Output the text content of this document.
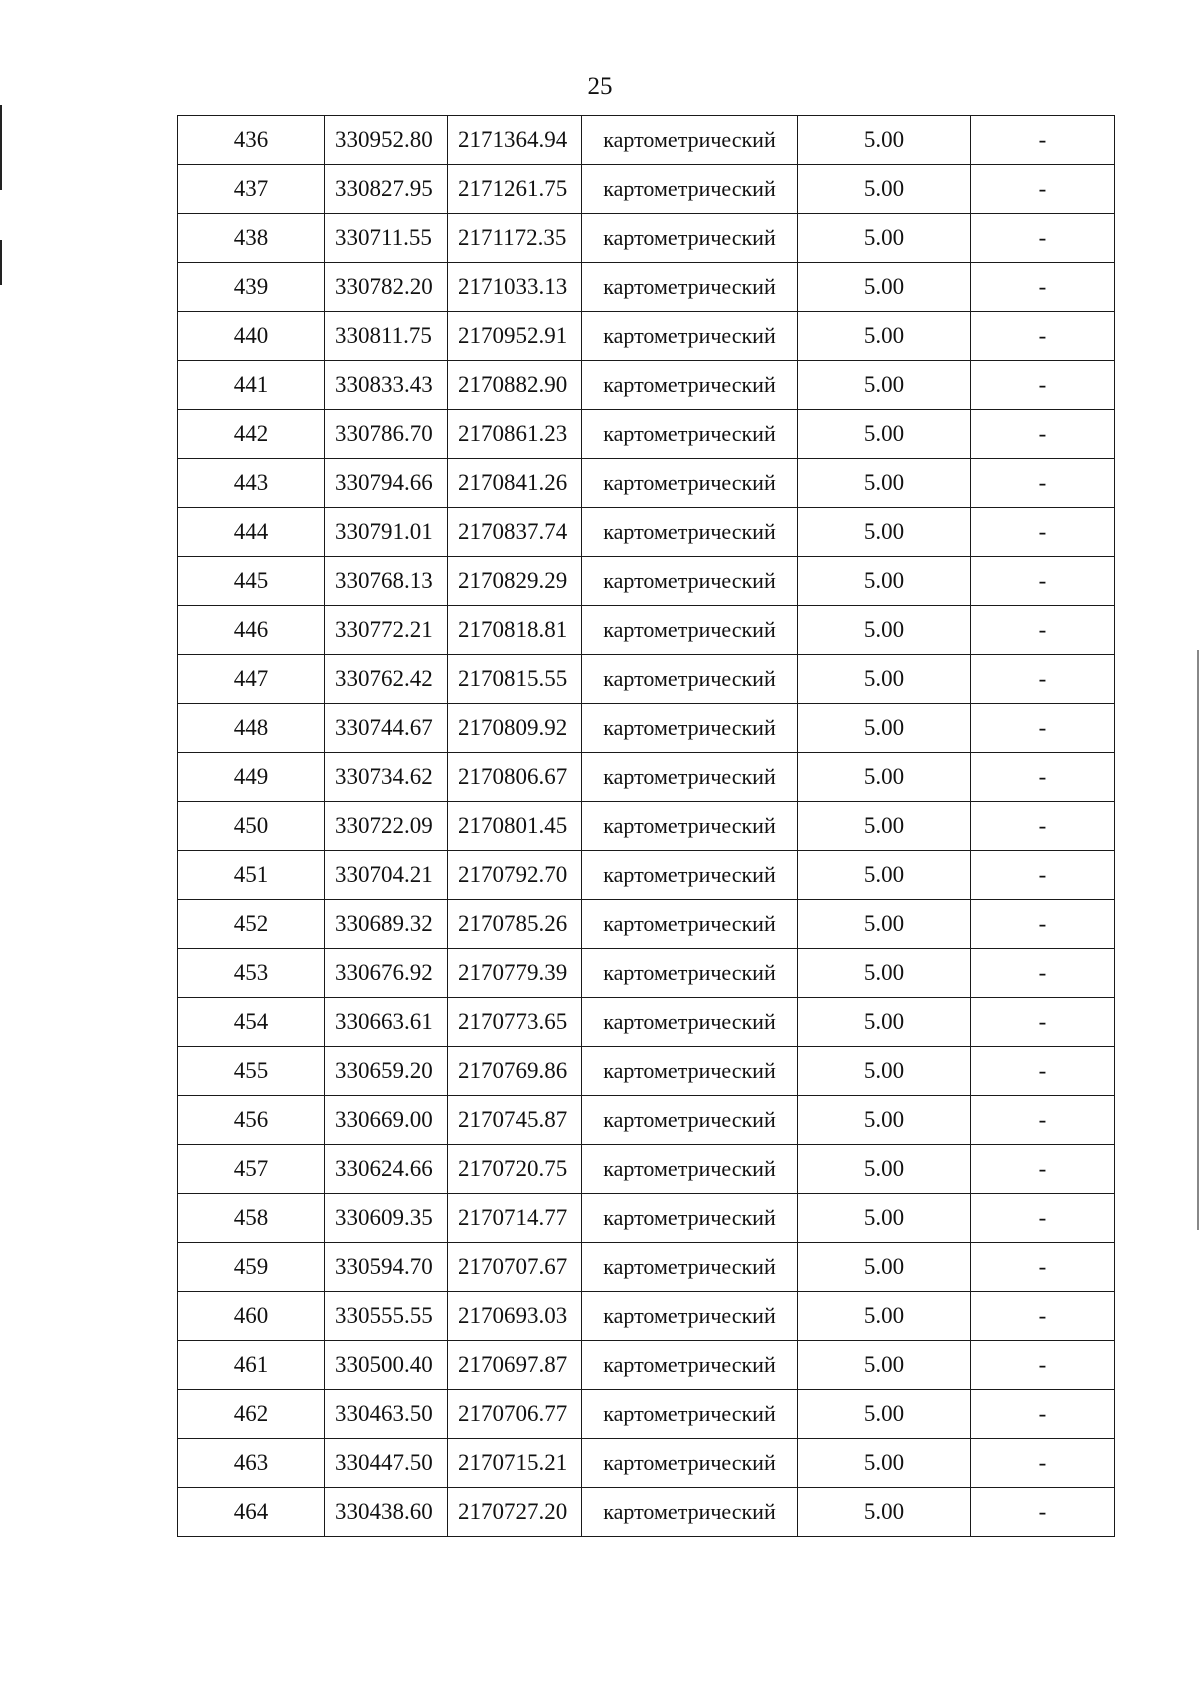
25
436	330952.80	2171364.94	картометрический	5.00	-
437	330827.95	2171261.75	картометрический	5.00	-
438	330711.55	2171172.35	картометрический	5.00	-
439	330782.20	2171033.13	картометрический	5.00	-
440	330811.75	2170952.91	картометрический	5.00	-
441	330833.43	2170882.90	картометрический	5.00	-
442	330786.70	2170861.23	картометрический	5.00	-
443	330794.66	2170841.26	картометрический	5.00	-
444	330791.01	2170837.74	картометрический	5.00	-
445	330768.13	2170829.29	картометрический	5.00	-
446	330772.21	2170818.81	картометрический	5.00	-
447	330762.42	2170815.55	картометрический	5.00	-
448	330744.67	2170809.92	картометрический	5.00	-
449	330734.62	2170806.67	картометрический	5.00	-
450	330722.09	2170801.45	картометрический	5.00	-
451	330704.21	2170792.70	картометрический	5.00	-
452	330689.32	2170785.26	картометрический	5.00	-
453	330676.92	2170779.39	картометрический	5.00	-
454	330663.61	2170773.65	картометрический	5.00	-
455	330659.20	2170769.86	картометрический	5.00	-
456	330669.00	2170745.87	картометрический	5.00	-
457	330624.66	2170720.75	картометрический	5.00	-
458	330609.35	2170714.77	картометрический	5.00	-
459	330594.70	2170707.67	картометрический	5.00	-
460	330555.55	2170693.03	картометрический	5.00	-
461	330500.40	2170697.87	картометрический	5.00	-
462	330463.50	2170706.77	картометрический	5.00	-
463	330447.50	2170715.21	картометрический	5.00	-
464	330438.60	2170727.20	картометрический	5.00	-
